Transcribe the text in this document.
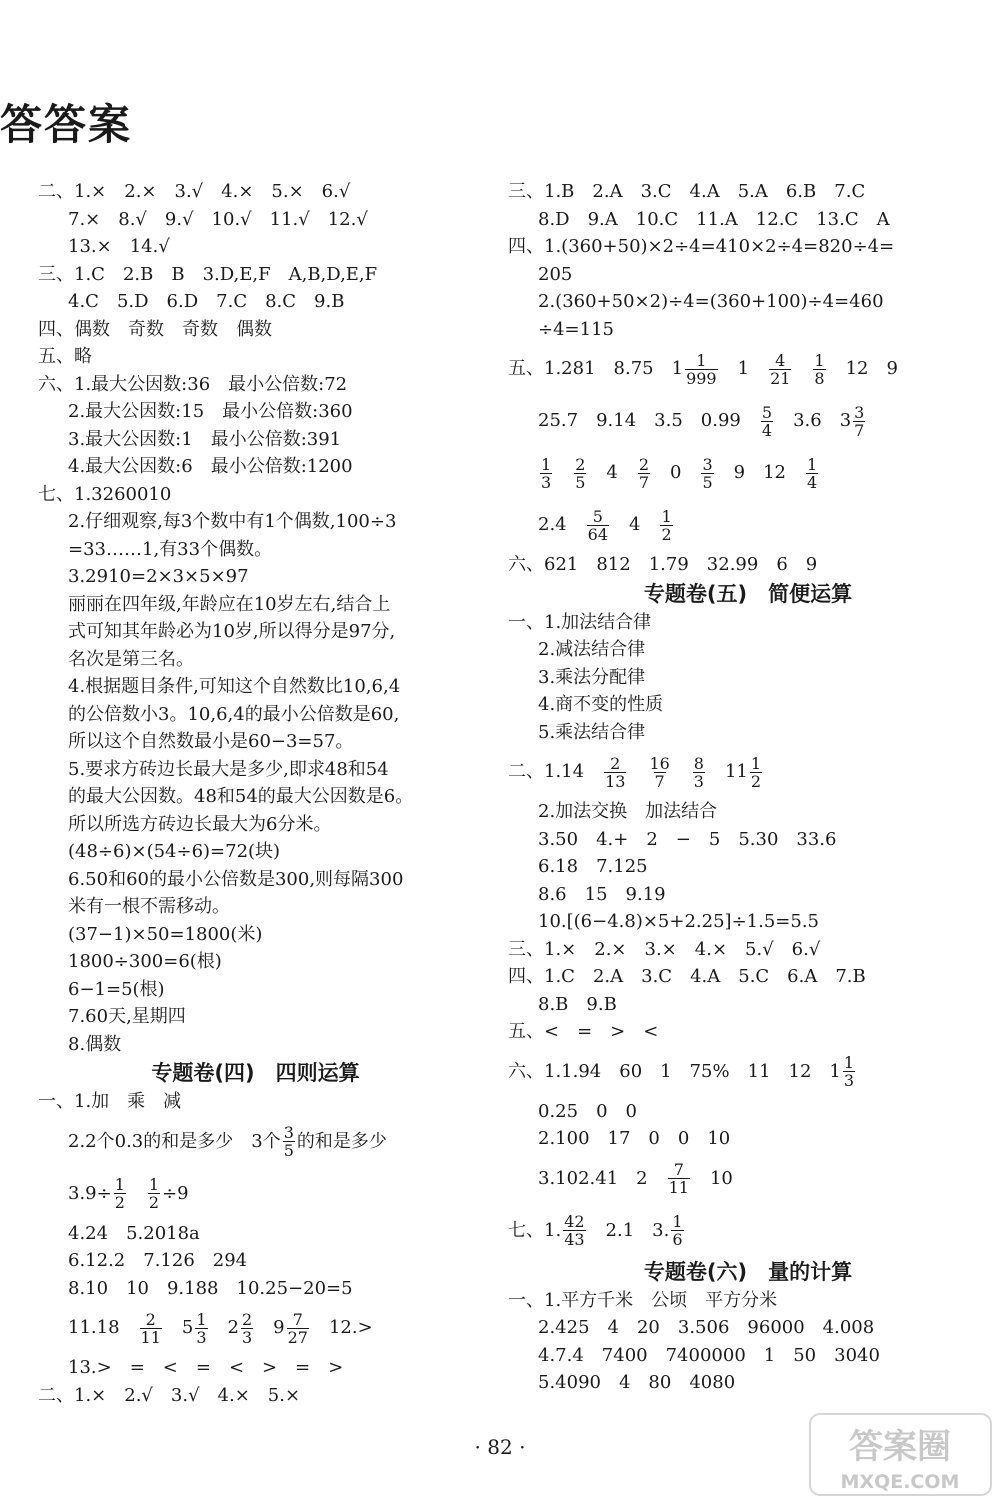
答答案
二、1.×　2.×　3.√　4.×　5.×　6.√
7.×　8.√　9.√　10.√　11.√　12.√
13.×　14.√
三、1.C　2.B　B　3.D,E,F　A,B,D,E,F
4.C　5.D　6.D　7.C　8.C　9.B
四、偶数　奇数　奇数　偶数
五、略
六、1.最大公因数:36　最小公倍数:72
2.最大公因数:15　最小公倍数:360
3.最大公因数:1　最小公倍数:391
4.最大公因数:6　最小公倍数:1200
七、1.3260010
2.仔细观察,每3个数中有1个偶数,100÷3
=33……1,有33个偶数。
3.2910=2×3×5×97
丽丽在四年级,年龄应在10岁左右,结合上
式可知其年龄必为10岁,所以得分是97分,
名次是第三名。
4.根据题目条件,可知这个自然数比10,6,4
的公倍数小3。10,6,4的最小公倍数是60,
所以这个自然数最小是60−3=57。
5.要求方砖边长最大是多少,即求48和54
的最大公因数。48和54的最大公因数是6。
所以所选方砖边长最大为6分米。
(48÷6)×(54÷6)=72(块)
6.50和60的最小公倍数是300,则每隔300
米有一根不需移动。
(37−1)×50=1800(米)
1800÷300=6(根)
6−1=5(根)
7.60天,星期四
8.偶数
专题卷(四)　四则运算
一、1.加　乘　减
2.2个0.3的和是多少　3个 $\frac{3}{5}$ 的和是多少
$3.9\div \frac{1}{2}$
　 $\frac{1}{2} \div 9$
4.24　5.2018a
6.12.2　7.126　294
8.10　10　9.188　10.25−20=5
11.18
　 $\frac{2}{11}$
　 $5 \frac{1}{3}$
　 $2 \frac{2}{3}$
　 $9 \frac{7}{27}$
　 12.>
13.>　=　<　=　<　>　=　>
二、1.×　2.√　3.√　4.×　5.×
三、1.B　2.A　3.C　4.A　5.A　6.B　7.C
8.D　9.A　10.C　11.A　12.C　13.C　A
四、1.(360+50)×2÷4=410×2÷4=820÷4=
205
2.(360+50×2)÷4=(360+100)÷4=460
÷4=115
五、1.281　8.75　$1 \frac{1}{999}$
　 1
　 $\frac{4}{21}$
　 $\frac{1}{8}$
　 12　9
25.7　9.14　3.5　0.99
　 $\frac{5}{4}$
　 3.6　$3 \frac{3}{7}$
$\frac{1}{3}$
　 $\frac{2}{5}$
　 4
　 $\frac{2}{7}$
　 0
　 $\frac{3}{5}$
　 9　12
　 $\frac{1}{4}$
2.4
　 $\frac{5}{64}$
　 4
　 $\frac{1}{2}$
六、621　812　1.79　32.99　6　9
专题卷(五)　简便运算
一、1.加法结合律
2.减法结合律
3.乘法分配律
4.商不变的性质
5.乘法结合律
二、1.14
　 $\frac{2}{13}$
　 $\frac{16}{7}$
　 $\frac{8}{3}$
　 $11 \frac{1}{2}$
2.加法交换　加法结合
3.50　4.+　2　−　5　5.30　33.6
6.18　7.125
8.6　15　9.19
10.[(6−4.8)×5+2.25]÷1.5=5.5
三、1.×　2.×　3.×　4.×　5.√　6.√
四、1.C　2.A　3.C　4.A　5.C　6.A　7.B
8.B　9.B
五、<　=　>　<
六、1.1.94　60　1　75%　11　12　$1 \frac{1}{3}$
0.25　0　0
2.100　17　0　0　10
3.102.41　2
　 $\frac{7}{11}$
　 10
七、1. $\frac{42}{43}$
　 2.1　3. $\frac{1}{6}$
专题卷(六)　量的计算
一、1.平方千米　公顷　平方分米
2.425　4　20　3.506　96000　4.008
4.7.4　7400　7400000　1　50　3040
5.4090　4　80　4080
· 82 ·	答案圈
MXQE.COM
